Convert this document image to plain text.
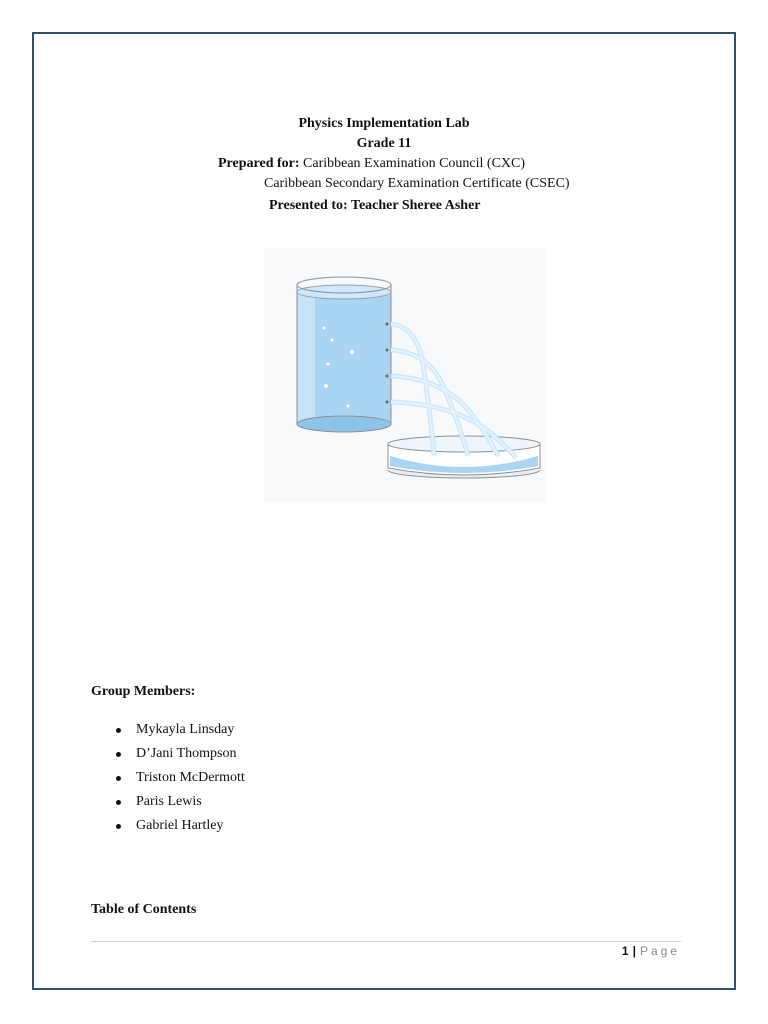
Physics Implementation Lab
Grade 11
Prepared for: Caribbean Examination Council (CXC)
Caribbean Secondary Examination Certificate (CSEC)
Presented to: Teacher Sheree Asher
Group Members:
Mykayla Linsday
D’Jani Thompson
Triston McDermott
Paris Lewis
Gabriel Hartley
Table of Contents
1 | Page
